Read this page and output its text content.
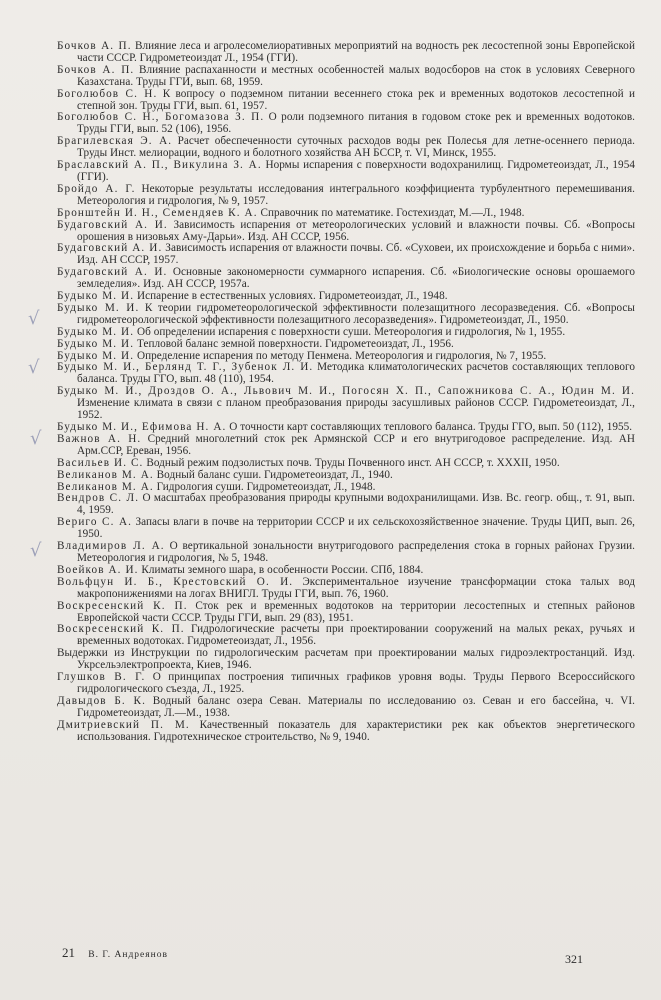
Бочков А. П. Влияние леса и агролесомелиоративных мероприятий на водность рек лесостепной зоны Европейской части СССР. Гидрометеоиздат Л., 1954 (ГГИ).

Бочков А. П. Влияние распаханности и местных особенностей малых водосборов на сток в условиях Северного Казахстана. Труды ГГИ, вып. 68, 1959.

Боголюбов С. Н. К вопросу о подземном питании весеннего стока рек и временных водотоков лесостепной и степной зон. Труды ГГИ, вып. 61, 1957.

Боголюбов С. Н., Богомазова З. П. О роли подземного питания в годовом стоке рек и временных водотоков. Труды ГГИ, вып. 52 (106), 1956.

Брагилевская Э. А. Расчет обеспеченности суточных расходов воды рек Полесья для летне-осеннего периода. Труды Инст. мелиорации, водного и болотного хозяйства АН БССР, т. VI, Минск, 1955.

Браславский А. П., Викулина З. А. Нормы испарения с поверхности водохранилищ. Гидрометеоиздат, Л., 1954 (ГГИ).

Бройдо А. Г. Некоторые результаты исследования интегрального коэффициента турбулентного перемешивания. Метеорология и гидрология, № 9, 1957.

Бронштейн И. Н., Семендяев К. А. Справочник по математике. Гостехиздат, М.—Л., 1948.

Будаговский А. И. Зависимость испарения от метеорологических условий и влажности почвы. Сб. «Вопросы орошения в низовьях Аму-Дарьи». Изд. АН СССР, 1956.

Будаговский А. И. Зависимость испарения от влажности почвы. Сб. «Суховеи, их происхождение и борьба с ними». Изд. АН СССР, 1957.

Будаговский А. И. Основные закономерности суммарного испарения. Сб. «Биологические основы орошаемого земледелия». Изд. АН СССР, 1957а.

Будыко М. И. Испарение в естественных условиях. Гидрометеоиздат, Л., 1948.

Будыко М. И. К теории гидрометеорологической эффективности полезащитного лесоразведения. Сб. «Вопросы гидрометеорологической эффективности полезащитного лесоразведения». Гидрометеоиздат, Л., 1950.

Будыко М. И. Об определении испарения с поверхности суши. Метеорология и гидрология, № 1, 1955.

Будыко М. И. Тепловой баланс земной поверхности. Гидрометеоиздат, Л., 1956.

Будыко М. И. Определение испарения по методу Пенмена. Метеорология и гидрология, № 7, 1955.

Будыко М. И., Берлянд Т. Г., Зубенок Л. И. Методика климатологических расчетов составляющих теплового баланса. Труды ГГО, вып. 48 (110), 1954.

Будыко М. И., Дроздов О. А., Львович М. И., Погосян Х. П., Сапожникова С. А., Юдин М. И. Изменение климата в связи с планом преобразования природы засушливых районов СССР. Гидрометеоиздат, Л., 1952.

Будыко М. И., Ефимова Н. А. О точности карт составляющих теплового баланса. Труды ГГО, вып. 50 (112), 1955.

Важнов А. Н. Средний многолетний сток рек Армянской ССР и его внутригодовое распределение. Изд. АН Арм.ССР, Ереван, 1956.

Васильев И. С. Водный режим подзолистых почв. Труды Почвенного инст. АН СССР, т. XXXII, 1950.

Великанов М. А. Водный баланс суши. Гидрометеоиздат, Л., 1940.

Великанов М. А. Гидрология суши. Гидрометеоиздат, Л., 1948.

Вендров С. Л. О масштабах преобразования природы крупными водохранилищами. Изв. Вс. геогр. общ., т. 91, вып. 4, 1959.

Вериго С. А. Запасы влаги в почве на территории СССР и их сельскохозяйственное значение. Труды ЦИП, вып. 26, 1950.

Владимиров Л. А. О вертикальной зональности внутригодового распределения стока в горных районах Грузии. Метеорология и гидрология, № 5, 1948.

Воейков А. И. Климаты земного шара, в особенности России. СПб, 1884.

Вольфцун И. Б., Крестовский О. И. Экспериментальное изучение трансформации стока талых вод макропонижениями на логах ВНИГЛ. Труды ГГИ, вып. 76, 1960.

Воскресенский К. П. Сток рек и временных водотоков на территории лесостепных и степных районов Европейской части СССР. Труды ГГИ, вып. 29 (83), 1951.

Воскресенский К. П. Гидрологические расчеты при проектировании сооружений на малых реках, ручьях и временных водотоках. Гидрометеоиздат, Л., 1956.

Выдержки из Инструкции по гидрологическим расчетам при проектировании малых гидроэлектростанций. Изд. Укрсельэлектропроекта, Киев, 1946.

Глушков В. Г. О принципах построения типичных графиков уровня воды. Труды Первого Всероссийского гидрологического съезда, Л., 1925.

Давыдов Б. К. Водный баланс озера Севан. Материалы по исследованию оз. Севан и его бассейна, ч. VI. Гидрометеоиздат, Л.—М., 1938.

Дмитриевский П. М. Качественный показатель для характеристики рек как объектов энергетического использования. Гидротехническое строительство, № 9, 1940.

√
√
√
√
21 В. Г. Андреянов	321
